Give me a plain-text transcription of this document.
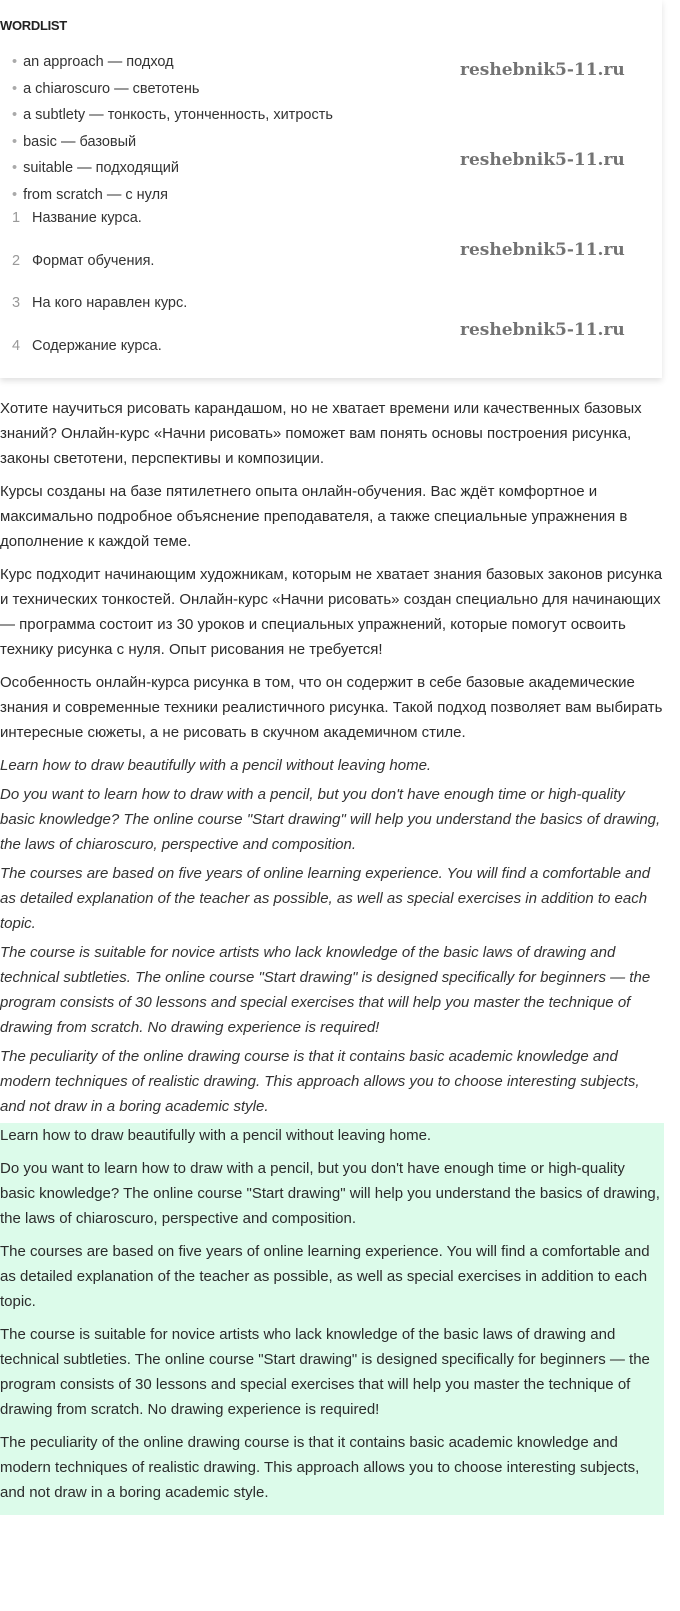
WORDLIST
• an approach — подход
• a chiaroscuro — светотень
• a subtlety — тонкость, утонченность, хитрость
• basic — базовый
• suitable — подходящий
• from scratch — с нуля
1 Название курса.
2 Формат обучения.
3 На кого наравлен курс.
4 Содержание курса.
reshebnik5-11.ru
reshebnik5-11.ru
reshebnik5-11.ru
reshebnik5-11.ru

Хотите научиться рисовать карандашом, но не хватает времени или качественных базовых знаний? Онлайн-курс «Начни рисовать» поможет вам понять основы построения рисунка, законы светотени, перспективы и композиции.

Курсы созданы на базе пятилетнего опыта онлайн-обучения. Вас ждёт комфортное и максимально подробное объяснение преподавателя, а также специальные упражнения в дополнение к каждой теме.

Курс подходит начинающим художникам, которым не хватает знания базовых законов рисунка и технических тонкостей. Онлайн-курс «Начни рисовать» создан специально для начинающих — программа состоит из 30 уроков и специальных упражнений, которые помогут освоить технику рисунка с нуля. Опыт рисования не требуется!

Особенность онлайн-курса рисунка в том, что он содержит в себе базовые академические знания и современные техники реалистичного рисунка. Такой подход позволяет вам выбирать интересные сюжеты, а не рисовать в скучном академичном стиле.

Learn how to draw beautifully with a pencil without leaving home.

Do you want to learn how to draw with a pencil, but you don't have enough time or high-quality basic knowledge? The online course "Start drawing" will help you understand the basics of drawing, the laws of chiaroscuro, perspective and composition.

The courses are based on five years of online learning experience. You will find a comfortable and as detailed explanation of the teacher as possible, as well as special exercises in addition to each topic.

The course is suitable for novice artists who lack knowledge of the basic laws of drawing and technical subtleties. The online course "Start drawing" is designed specifically for beginners — the program consists of 30 lessons and special exercises that will help you master the technique of drawing from scratch. No drawing experience is required!

The peculiarity of the online drawing course is that it contains basic academic knowledge and modern techniques of realistic drawing. This approach allows you to choose interesting subjects, and not draw in a boring academic style.

Learn how to draw beautifully with a pencil without leaving home.

Do you want to learn how to draw with a pencil, but you don't have enough time or high-quality basic knowledge? The online course "Start drawing" will help you understand the basics of drawing, the laws of chiaroscuro, perspective and composition.

The courses are based on five years of online learning experience. You will find a comfortable and as detailed explanation of the teacher as possible, as well as special exercises in addition to each topic.

The course is suitable for novice artists who lack knowledge of the basic laws of drawing and technical subtleties. The online course "Start drawing" is designed specifically for beginners — the program consists of 30 lessons and special exercises that will help you master the technique of drawing from scratch. No drawing experience is required!

The peculiarity of the online drawing course is that it contains basic academic knowledge and modern techniques of realistic drawing. This approach allows you to choose interesting subjects, and not draw in a boring academic style.
